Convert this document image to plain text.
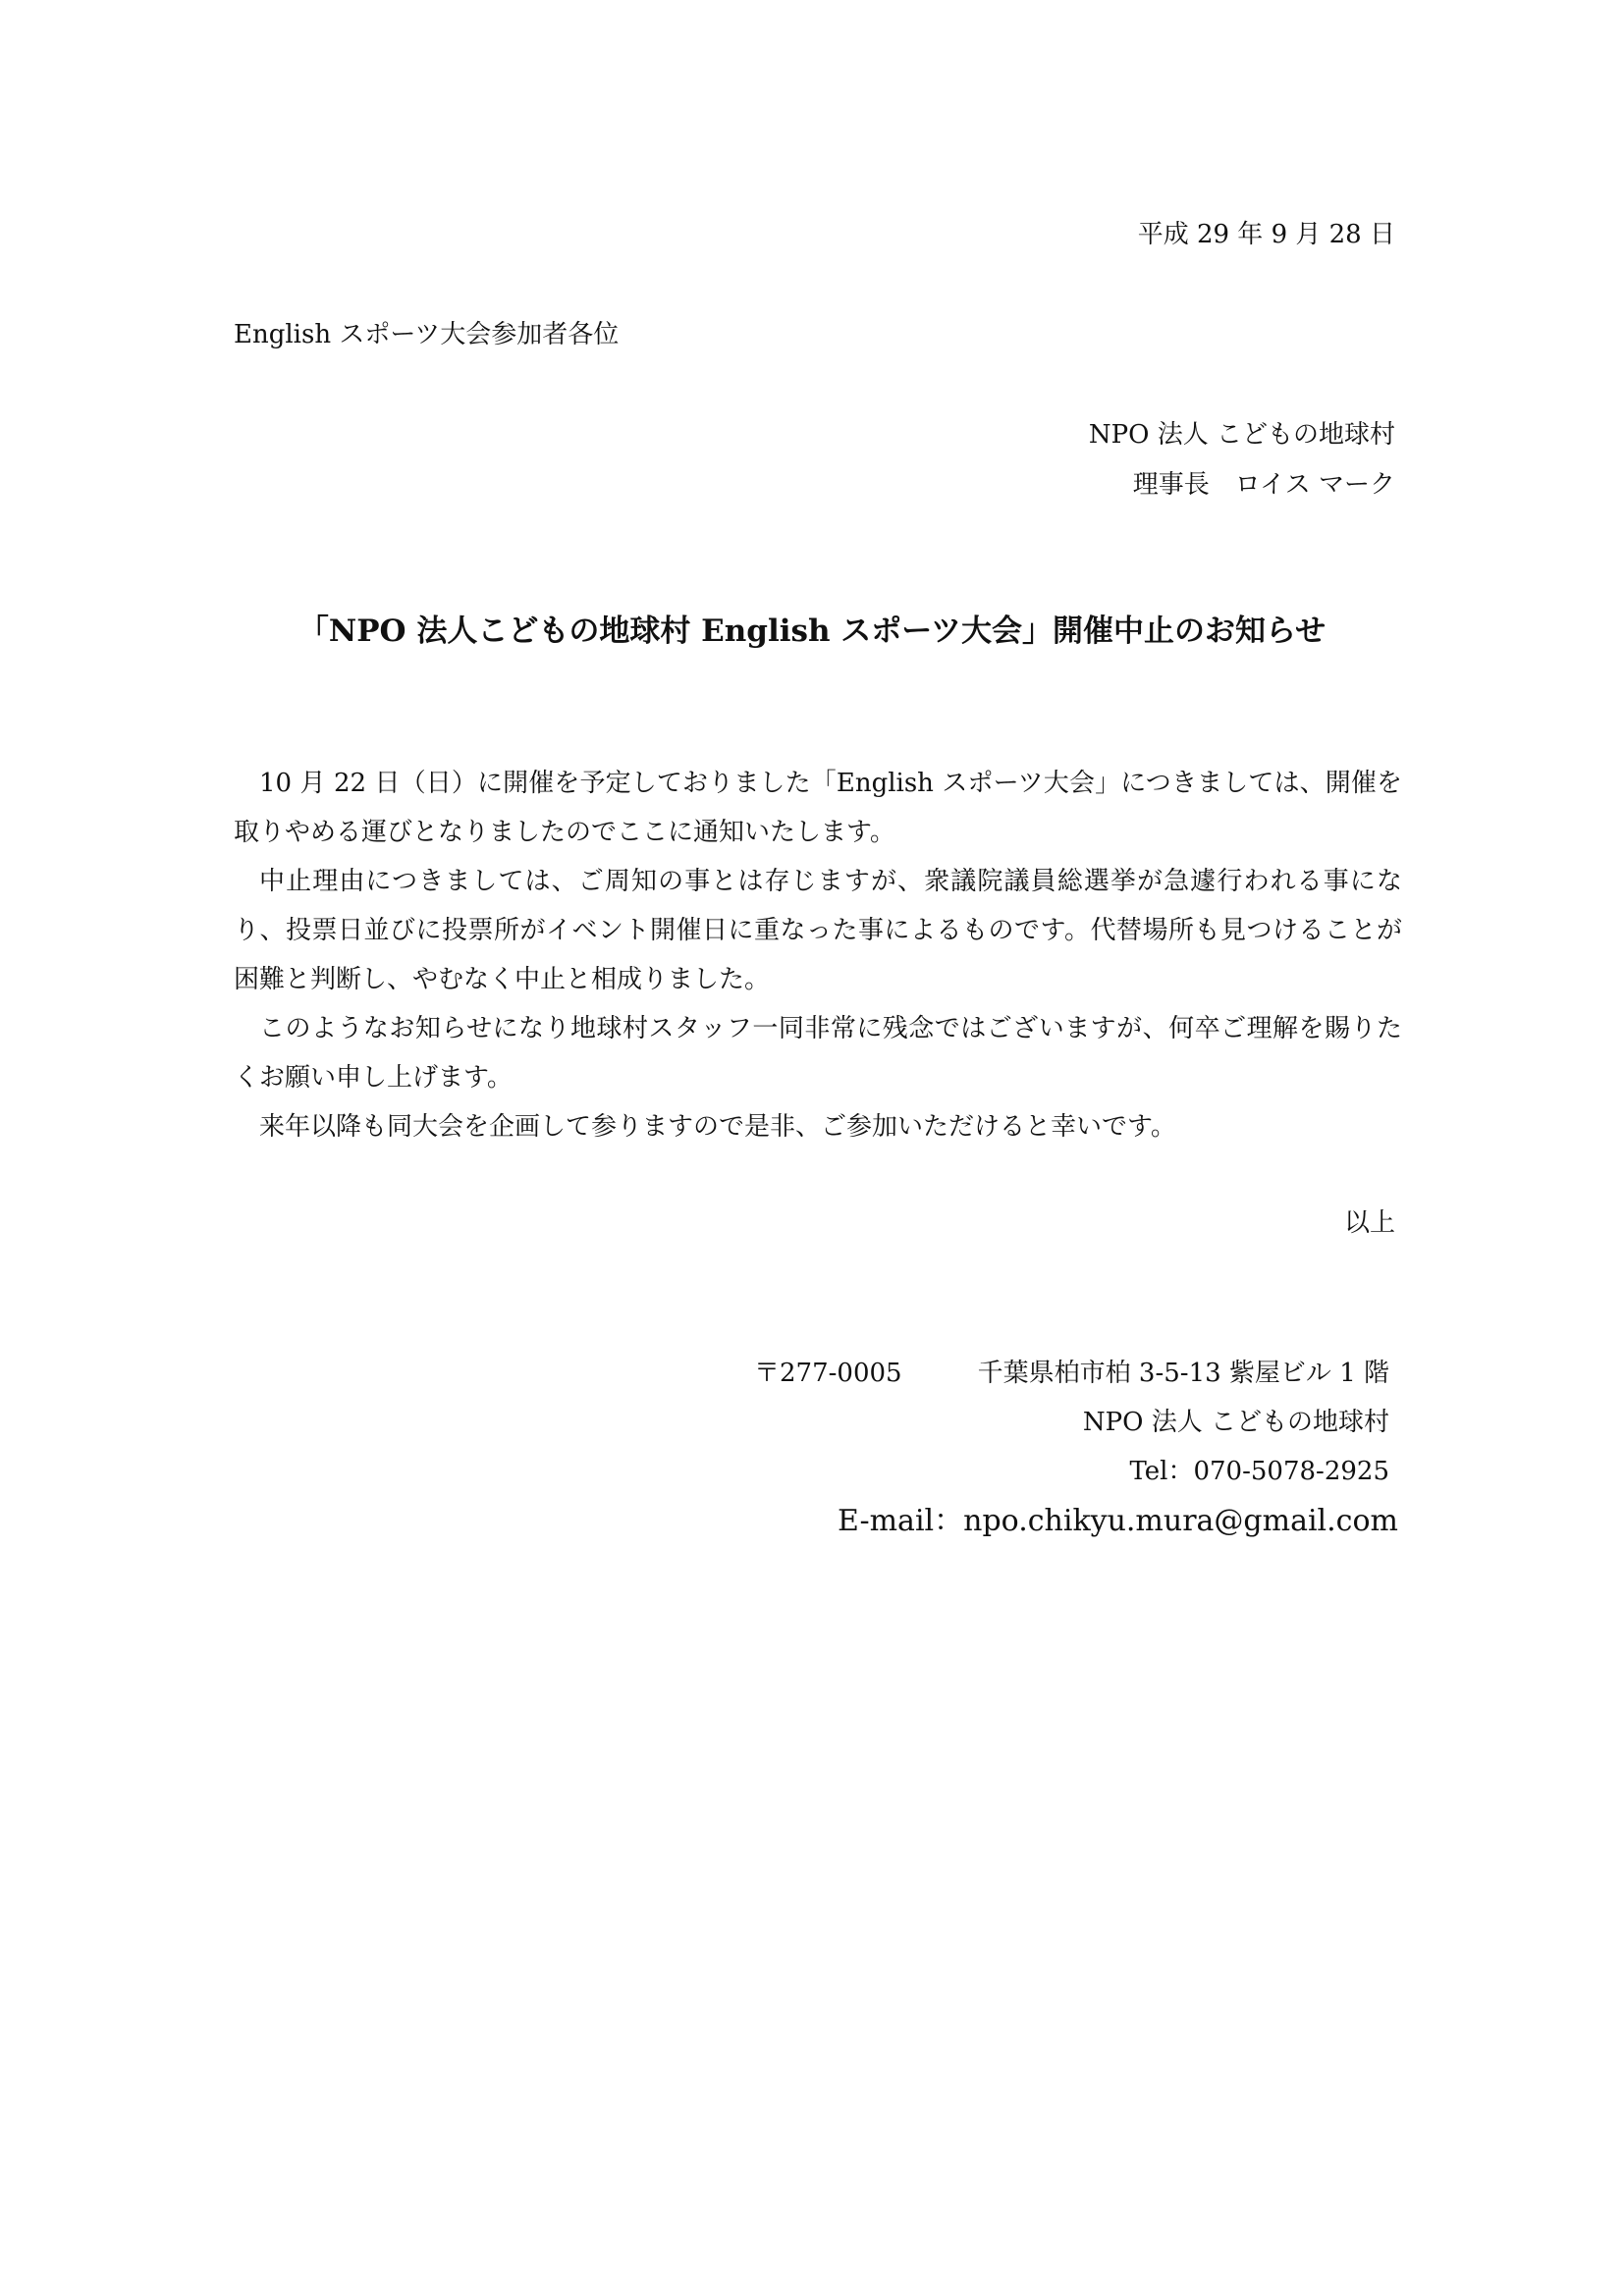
平成 29 年 9 月 28 日
English スポーツ大会参加者各位
NPO 法人 こどもの地球村
理事長　ロイス マーク
「NPO 法人こどもの地球村 English スポーツ大会」開催中止のお知らせ

10 月 22 日（日）に開催を予定しておりました「English スポーツ大会」につきましては、開催を取りやめる運びとなりましたのでここに通知いたします。

中止理由につきましては、ご周知の事とは存じますが、衆議院議員総選挙が急遽行われる事になり、投票日並びに投票所がイベント開催日に重なった事によるものです。代替場所も見つけることが困難と判断し、やむなく中止と相成りました。

このようなお知らせになり地球村スタッフ一同非常に残念ではございますが、何卒ご理解を賜りたくお願い申し上げます。

来年以降も同大会を企画して参りますので是非、ご参加いただけると幸いです。

以上
〒277-0005	千葉県柏市柏 3-5-13 紫屋ビル 1 階
NPO 法人 こどもの地球村
Tel：070-5078-2925
E-mail：npo.chikyu.mura@gmail.com
